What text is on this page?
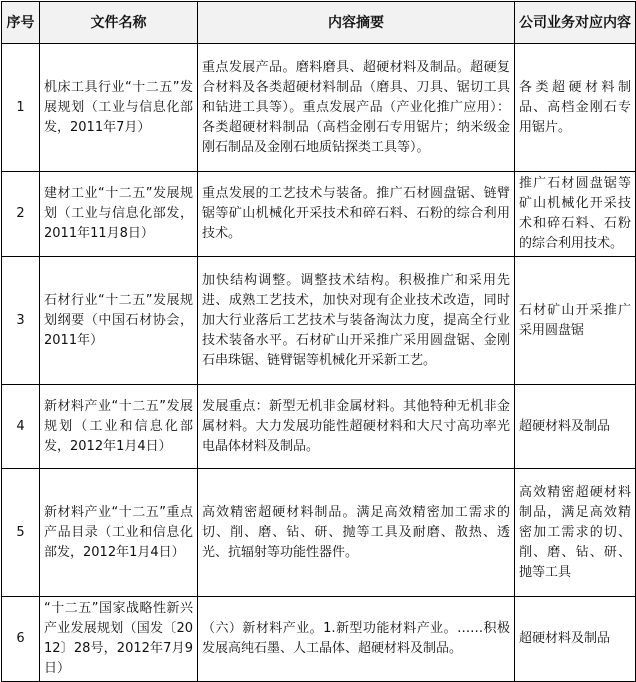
序号	文件名称	内容摘要	公司业务对应内容
1	机床工具行业“十二五”发展规划（工业与信息化部发，2011年7月）	重点发展产品。磨料磨具、超硬材料及制品。超硬复合材料及各类超硬材料制品（磨具、刀具、锯切工具和钻进工具等）。重点发展产品（产业化推广应用）：各类超硬材料制品（高档金刚石专用锯片；纳米级金刚石制品及金刚石地质钻探类工具等）。	各类超硬材料制品、高档金刚石专用锯片。
2	建材工业“十二五”发展规划（工业与信息化部发，2011年11月8日）	重点发展的工艺技术与装备。推广石材圆盘锯、链臂锯等矿山机械化开采技术和碎石料、石粉的综合利用技术。	推广石材圆盘锯等矿山机械化开采技术和碎石料、石粉的综合利用技术。
3	石材行业“十二五”发展规划纲要（中国石材协会，2011年）	加快结构调整。调整技术结构。积极推广和采用先进、成熟工艺技术，加快对现有企业技术改造，同时加大行业落后工艺技术与装备淘汰力度，提高全行业技术装备水平。石材矿山开采推广采用圆盘锯、金刚石串珠锯、链臂锯等机械化开采新工艺。	石材矿山开采推广采用圆盘锯
4	新材料产业“十二五”发展规划（工业和信息化部发，2012年1月4日）	发展重点：新型无机非金属材料。其他特种无机非金属材料。大力发展功能性超硬材料和大尺寸高功率光电晶体材料及制品。	超硬材料及制品
5	新材料产业“十二五”重点产品目录（工业和信息化部发，2012年1月4日）	高效精密超硬材料制品。满足高效精密加工需求的切、削、磨、钻、研、抛等工具及耐磨、散热、透光、抗辐射等功能性器件。	高效精密超硬材料制品，满足高效精密加工需求的切、削、磨、钻、研、抛等工具
6	“十二五”国家战略性新兴产业发展规划（国发〔2012〕28号，2012年7月9日）	（六）新材料产业。1.新型功能材料产业。……积极发展高纯石墨、人工晶体、超硬材料及制品。	超硬材料及制品
